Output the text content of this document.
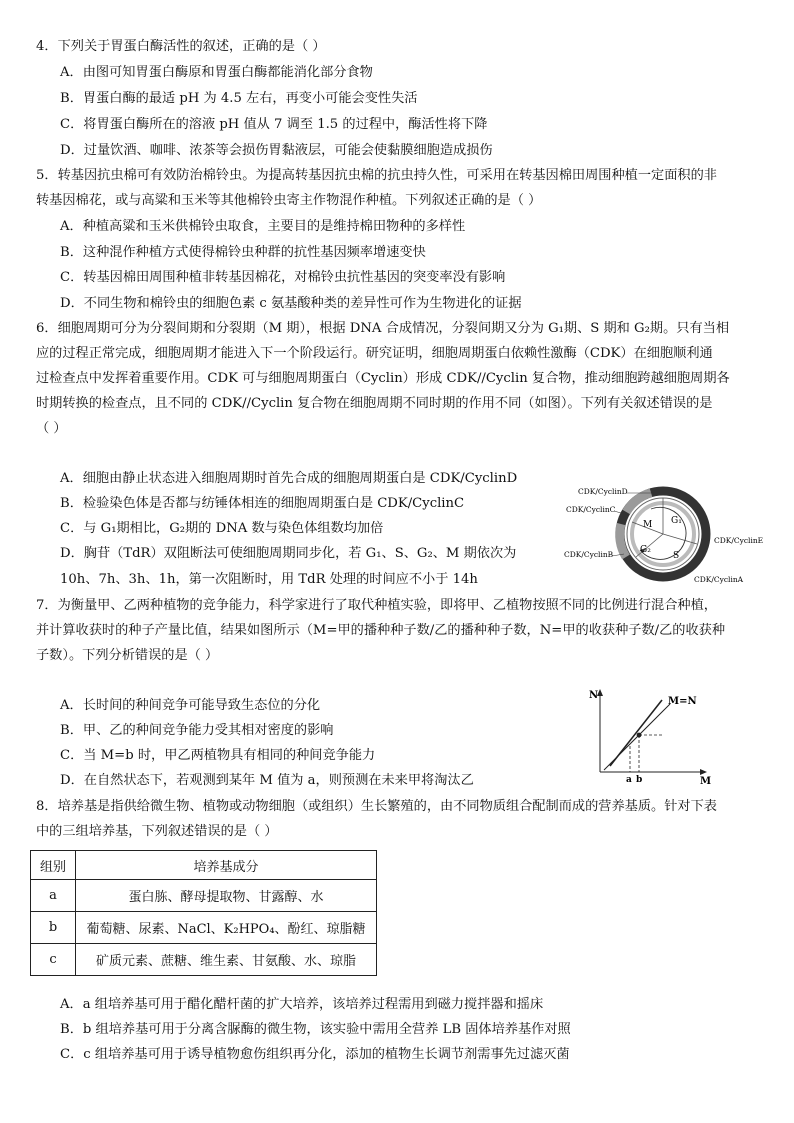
4．下列关于胃蛋白酶活性的叙述，正确的是（ ）
A．由图可知胃蛋白酶原和胃蛋白酶都能消化部分食物
B．胃蛋白酶的最适 pH 为 4.5 左右，再变小可能会变性失活
C．将胃蛋白酶所在的溶液 pH 值从 7 调至 1.5 的过程中，酶活性将下降
D．过量饮酒、咖啡、浓茶等会损伤胃黏液层，可能会使黏膜细胞造成损伤
5．转基因抗虫棉可有效防治棉铃虫。为提高转基因抗虫棉的抗虫持久性，可采用在转基因棉田周围种植一定面积的非
转基因棉花，或与高粱和玉米等其他棉铃虫寄主作物混作种植。下列叙述正确的是（ ）
A．种植高粱和玉米供棉铃虫取食，主要目的是维持棉田物种的多样性
B．这种混作种植方式使得棉铃虫种群的抗性基因频率增速变快
C．转基因棉田周围种植非转基因棉花，对棉铃虫抗性基因的突变率没有影响
D．不同生物和棉铃虫的细胞色素 c 氨基酸种类的差异性可作为生物进化的证据
6．细胞周期可分为分裂间期和分裂期（M 期），根据 DNA 合成情况，分裂间期又分为 G₁期、S 期和 G₂期。只有当相
应的过程正常完成，细胞周期才能进入下一个阶段运行。研究证明，细胞周期蛋白依赖性激酶（CDK）在细胞顺利通
过检查点中发挥着重要作用。CDK 可与细胞周期蛋白（Cyclin）形成 CDK//Cyclin 复合物，推动细胞跨越细胞周期各
时期转换的检查点，且不同的 CDK//Cyclin 复合物在细胞周期不同时期的作用不同（如图）。下列有关叙述错误的是
（ ）
A．细胞由静止状态进入细胞周期时首先合成的细胞周期蛋白是 CDK/CyclinD
B．检验染色体是否都与纺锤体相连的细胞周期蛋白是 CDK/CyclinC
C．与 G₁期相比，G₂期的 DNA 数与染色体组数均加倍
D．胸苷（TdR）双阻断法可使细胞周期同步化，若 G₁、S、G₂、M 期依次为
10h、7h、3h、1h，第一次阻断时，用 TdR 处理的时间应不小于 14h
M G₁
S
G₂
CDK/CyclinD
CDK/CyclinC
CDK/CyclinB
CDK/CyclinE
CDK/CyclinA
7．为衡量甲、乙两种植物的竞争能力，科学家进行了取代种植实验，即将甲、乙植物按照不同的比例进行混合种植，
并计算收获时的种子产量比值，结果如图所示（M=甲的播种种子数/乙的播种种子数，N=甲的收获种子数/乙的收获种
子数）。下列分析错误的是（ ）
A．长时间的种间竞争可能导致生态位的分化
B．甲、乙的种间竞争能力受其相对密度的影响
C．当 M=b 时，甲乙两植物具有相同的种间竞争能力
D．在自然状态下，若观测到某年 M 值为 a，则预测在未来甲将淘汰乙
N
M
M=N
a b
8．培养基是指供给微生物、植物或动物细胞（或组织）生长繁殖的，由不同物质组合配制而成的营养基质。针对下表
中的三组培养基，下列叙述错误的是（ ）
组别	培养基成分
a	蛋白胨、酵母提取物、甘露醇、水
b	葡萄糖、尿素、NaCl、K₂HPO₄、酚红、琼脂糖
c	矿质元素、蔗糖、维生素、甘氨酸、水、琼脂
A．a 组培养基可用于醋化醋杆菌的扩大培养，该培养过程需用到磁力搅拌器和摇床
B．b 组培养基可用于分离含脲酶的微生物，该实验中需用全营养 LB 固体培养基作对照
C．c 组培养基可用于诱导植物愈伤组织再分化，添加的植物生长调节剂需事先过滤灭菌
